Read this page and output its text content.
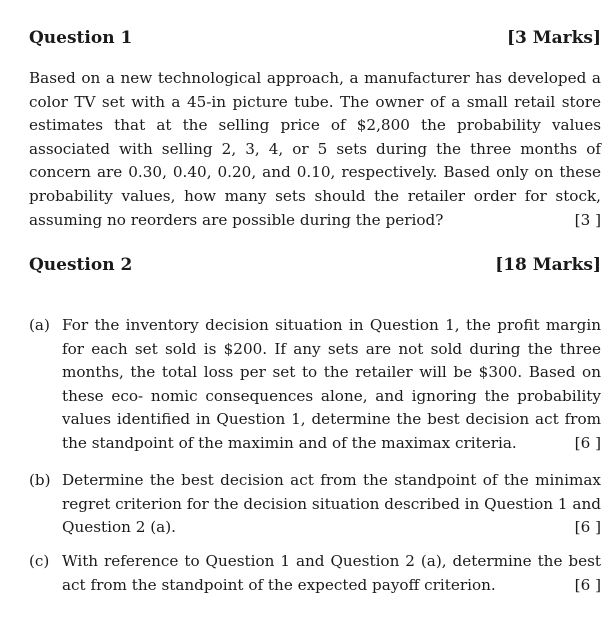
Question 1	[3 Marks]
Based on a new technological approach, a manufacturer has developed a color TV set with a 45-in picture tube. The owner of a small retail store estimates that at the selling price of $2,800 the probability values associated with selling 2, 3, 4, or 5 sets during the three months of concern are 0.30, 0.40, 0.20, and 0.10, respectively. Based only on these probability values, how many sets should the retailer order for stock, assuming no reorders are possible during the period?	[3 ]
Question 2	[18 Marks]
(a) For the inventory decision situation in Question 1, the profit margin for each set sold is $200. If any sets are not sold during the three months, the total loss per set to the retailer will be $300. Based on these eco- nomic consequences alone, and ignoring the probability values identified in Question 1, determine the best decision act from the standpoint of the maximin and of the maximax criteria.	[6 ]
(b) Determine the best decision act from the standpoint of the minimax regret criterion for the decision situation described in Question 1 and Question 2 (a).	[6 ]
(c) With reference to Question 1 and Question 2 (a), determine the best act from the standpoint of the expected payoff criterion.	[6 ]
